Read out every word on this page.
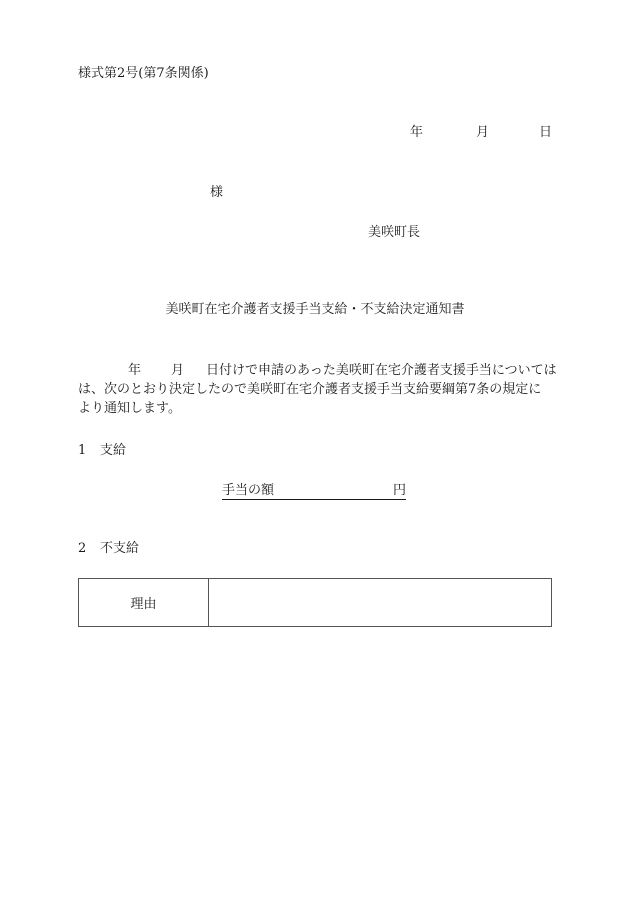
様式第2号(第7条関係)
年	月	日
様
美咲町長
美咲町在宅介護者支援手当支給・不支給決定通知書
年 月 日付けで申請のあった美咲町在宅介護者支援手当については
は、次のとおり決定したので美咲町在宅介護者支援手当支給要綱第7条の規定に
より通知します。
1 支給
手当の額	円
2 不支給
理由	
